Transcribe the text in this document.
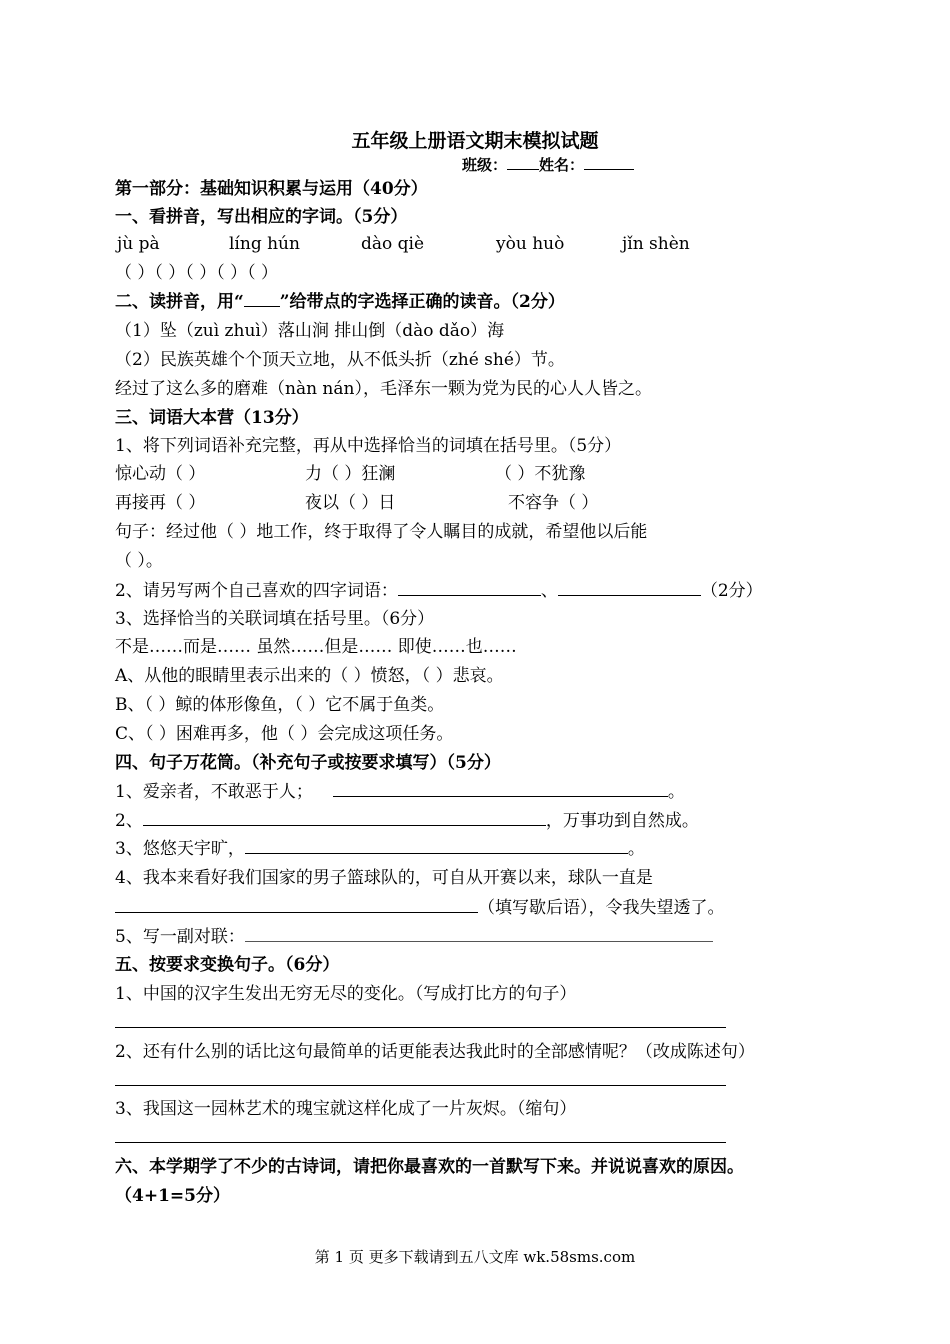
五年级上册语文期末模拟试题
班级： 姓名：
第一部分：基础知识积累与运用（40分）
一、看拼音，写出相应的字词。（5分）
jù pà	líng hún	dào qiè	yòu huò	jǐn shèn
（ ）（ ）（ ）（ ）（ ）
二、读拼音，用“ ”给带点的字选择正确的读音。（2分）
（1）坠（zuì zhuì）落山涧 排山倒（dào dǎo）海
（2）民族英雄个个顶天立地，从不低头折（zhé shé）节。
经过了这么多的磨难（nàn nán），毛泽东一颗为党为民的心人人皆之。
三、词语大本营（13分）
1、将下列词语补充完整，再从中选择恰当的词填在括号里。（5分）
惊心动（ ）	力（ ）狂澜	（ ）不犹豫
再接再（ ）	夜以（ ）日	不容争（ ）
句子：经过他（ ）地工作，终于取得了令人瞩目的成就，希望他以后能
（ ）。
2、请另写两个自己喜欢的四字词语：	、	（2分）
3、选择恰当的关联词填在括号里。（6分）
不是……而是…… 虽然……但是…… 即使……也……
A、从他的眼睛里表示出来的（ ）愤怒，（ ）悲哀。
B、（ ）鲸的体形像鱼，（ ）它不属于鱼类。
C、（ ）困难再多，他（ ）会完成这项任务。
四、句子万花筒。（补充句子或按要求填写）（5分）
1、爱亲者，不敢恶于人；	。
2、	，万事功到自然成。
3、悠悠天宇旷，	。
4、我本来看好我们国家的男子篮球队的，可自从开赛以来，球队一直是
（填写歇后语），令我失望透了。
5、写一副对联：
五、按要求变换句子。（6分）
1、中国的汉字生发出无穷无尽的变化。（写成打比方的句子）
2、还有什么别的话比这句最简单的话更能表达我此时的全部感情呢？（改成陈述句）
3、我国这一园林艺术的瑰宝就这样化成了一片灰烬。（缩句）
六、本学期学了不少的古诗词，请把你最喜欢的一首默写下来。并说说喜欢的原因。
（4+1=5分）
第 1 页 更多下载请到五八文库 wk.58sms.com
